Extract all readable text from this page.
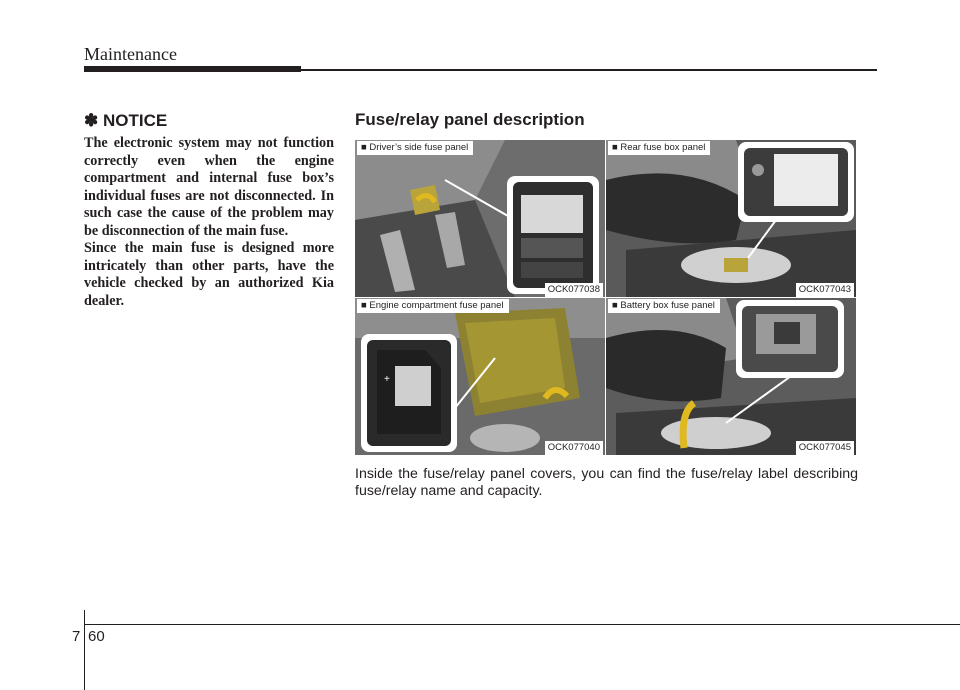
Maintenance
✽ NOTICE

The electronic system may not function correctly even when the engine compartment and internal fuse box’s individual fuses are not disconnected. In such case the cause of the problem may be disconnection of the main fuse.

Since the main fuse is designed more intricately than other parts, have the vehicle checked by an authorized Kia dealer.

Fuse/relay panel description
■ Driver’s side fuse panel
OCK077038
■ Rear fuse box panel
OCK077043
+
■ Engine compartment fuse panel
OCK077040
■ Battery box fuse panel
OCK077045
Inside the fuse/relay panel covers, you can find the fuse/relay label describing fuse/relay name and capacity.
7 60
